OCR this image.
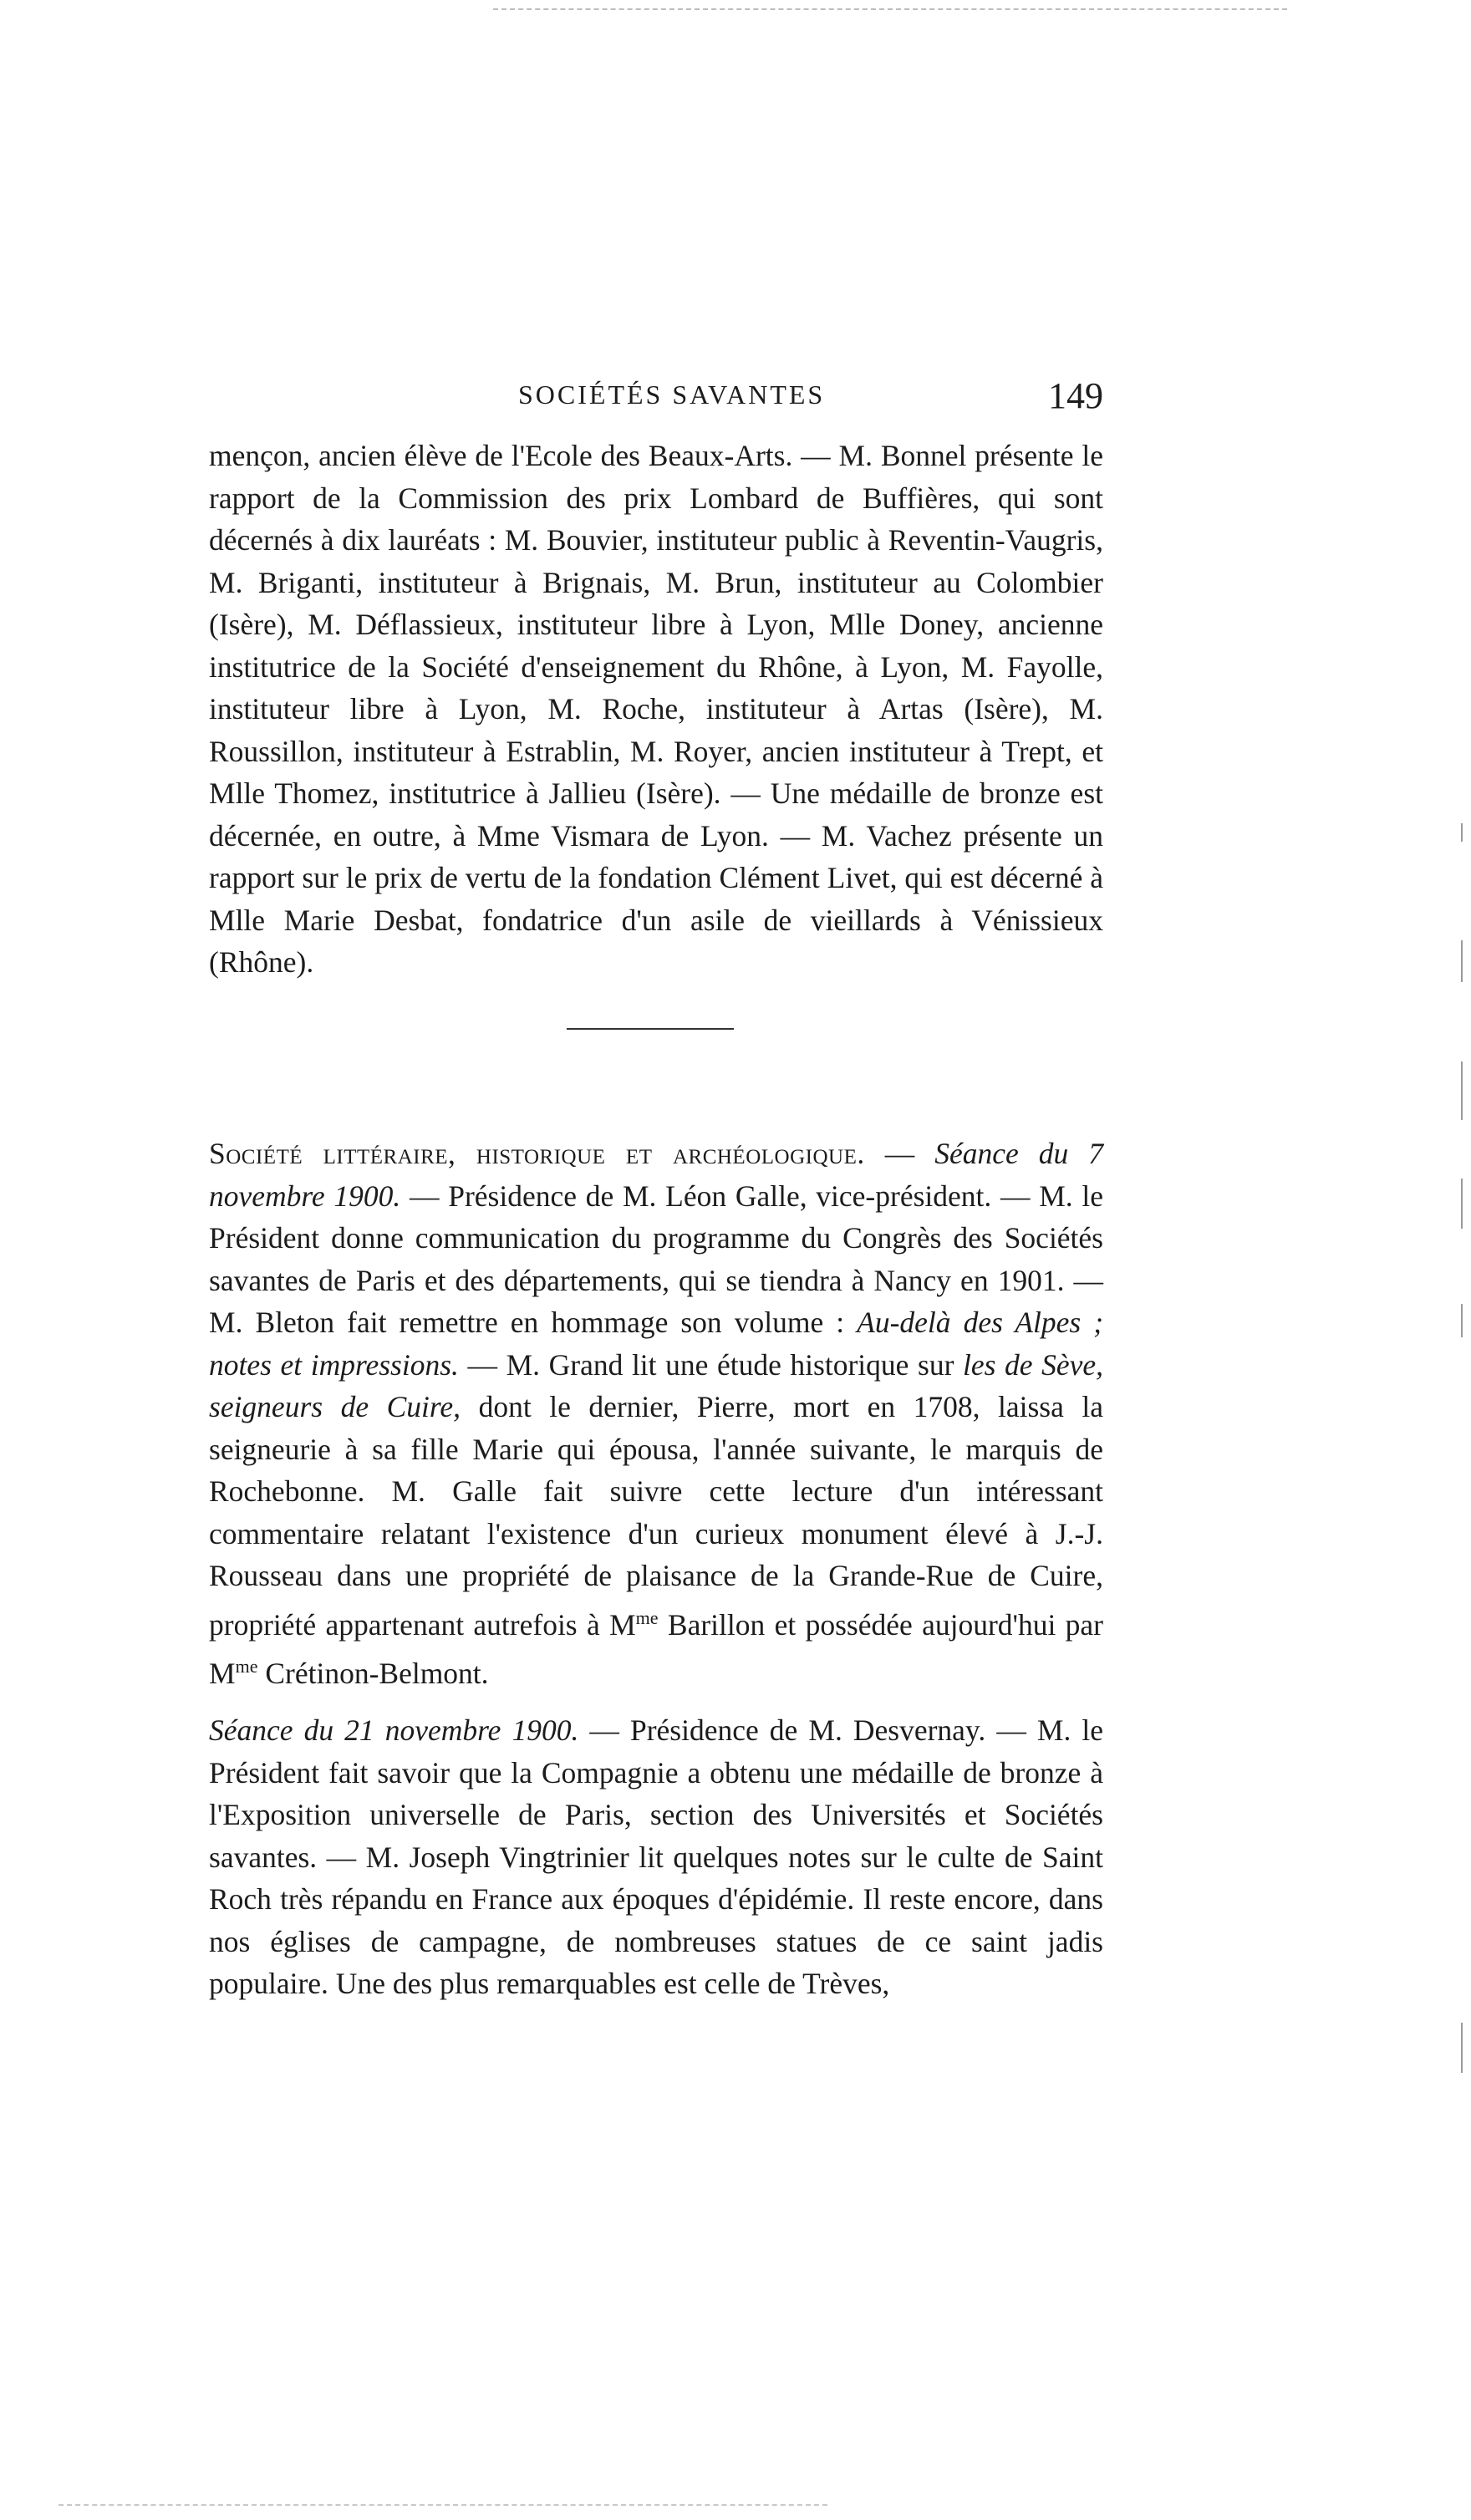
SOCIÉTÉS SAVANTES	149

mençon, ancien élève de l'Ecole des Beaux-Arts. — M. Bonnel présente le rapport de la Commission des prix Lombard de Buffières, qui sont décernés à dix lauréats : M. Bouvier, instituteur public à Reventin-Vaugris, M. Briganti, instituteur à Brignais, M. Brun, instituteur au Colombier (Isère), M. Déflassieux, instituteur libre à Lyon, Mlle Doney, ancienne institutrice de la Société d'enseignement du Rhône, à Lyon, M. Fayolle, instituteur libre à Lyon, M. Roche, instituteur à Artas (Isère), M. Roussillon, instituteur à Estrablin, M. Royer, ancien instituteur à Trept, et Mlle Thomez, institutrice à Jallieu (Isère). — Une médaille de bronze est décernée, en outre, à Mme Vismara de Lyon. — M. Vachez présente un rapport sur le prix de vertu de la fondation Clément Livet, qui est décerné à Mlle Marie Desbat, fondatrice d'un asile de vieillards à Vénissieux (Rhône).

Société littéraire, historique et archéologique. — Séance du 7 novembre 1900. — Présidence de M. Léon Galle, vice-président. — M. le Président donne communication du programme du Congrès des Sociétés savantes de Paris et des départements, qui se tiendra à Nancy en 1901. — M. Bleton fait remettre en hommage son volume : Au-delà des Alpes ; notes et impressions. — M. Grand lit une étude historique sur les de Sève, seigneurs de Cuire, dont le dernier, Pierre, mort en 1708, laissa la seigneurie à sa fille Marie qui épousa, l'année suivante, le marquis de Rochebonne. M. Galle fait suivre cette lecture d'un intéressant commentaire relatant l'existence d'un curieux monument élevé à J.-J. Rousseau dans une propriété de plaisance de la Grande-Rue de Cuire, propriété appartenant autrefois à $M^{me}$ Barillon et possédée aujourd'hui par $M^{me}$ Crétinon-Belmont.

Séance du 21 novembre 1900. — Présidence de M. Desvernay. — M. le Président fait savoir que la Compagnie a obtenu une médaille de bronze à l'Exposition universelle de Paris, section des Universités et Sociétés savantes. — M. Joseph Vingtrinier lit quelques notes sur le culte de Saint Roch très répandu en France aux époques d'épidémie. Il reste encore, dans nos églises de campagne, de nombreuses statues de ce saint jadis populaire. Une des plus remarquables est celle de Trèves,
